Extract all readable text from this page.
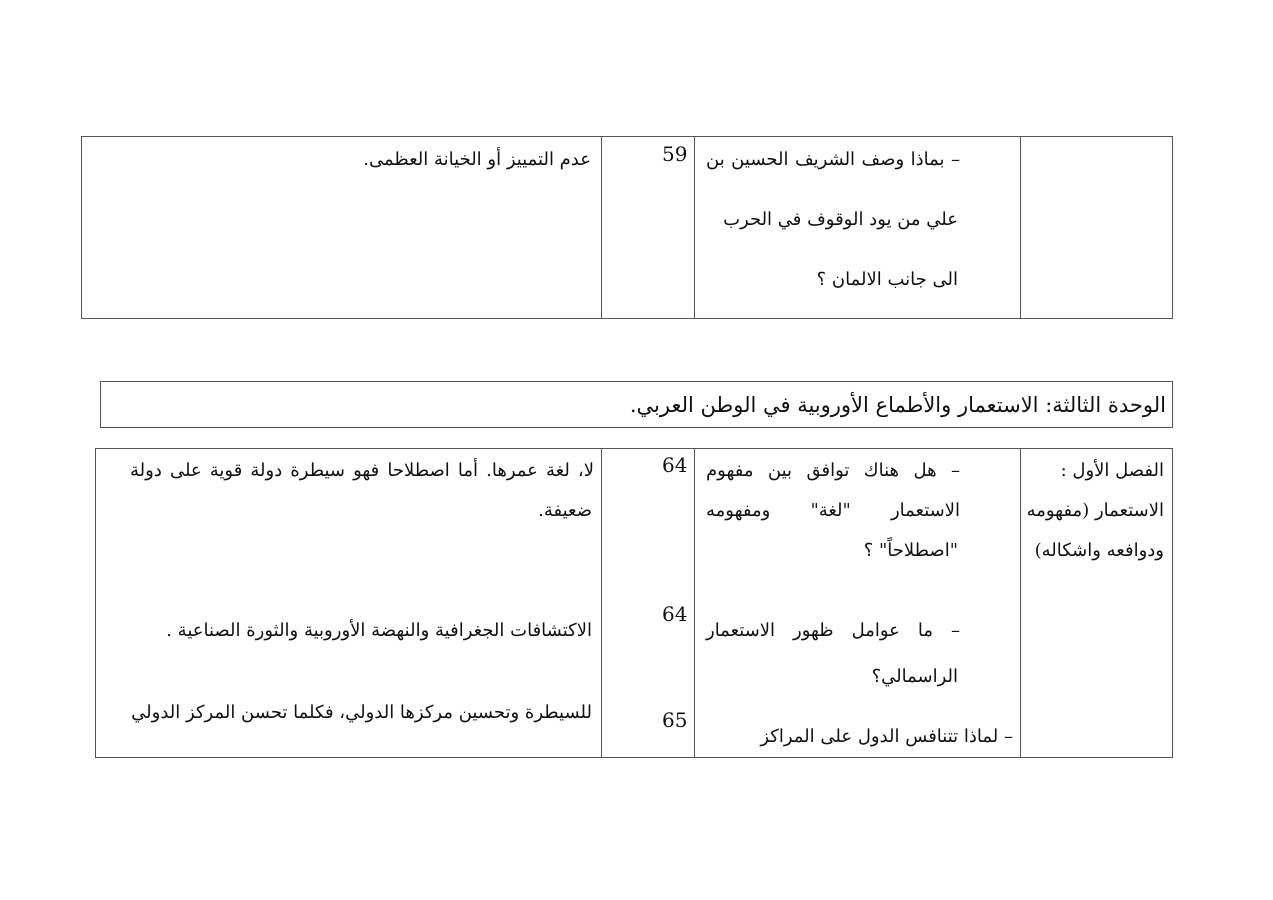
– بماذا وصف الشريف الحسين بن
علي من يود الوقوف في الحرب
الى جانب الالمان ؟
59
عدم التمييز أو الخيانة العظمى.
الوحدة الثالثة: الاستعمار والأطماع الأوروبية في الوطن العربي.
الفصل الأول :
الاستعمار (مفهومه
ودوافعه واشكاله)
– هل هناك توافق بين مفهوم
الاستعمار "لغة" ومفهومه
"اصطلاحاً" ؟
– ما عوامل ظهور الاستعمار
الراسمالي؟
– لماذا تتنافس الدول على المراكز
64
64
65
لا، لغة عمرها. أما اصطلاحا فهو سيطرة دولة قوية على دولة
ضعيفة.
الاكتشافات الجغرافية والنهضة الأوروبية والثورة الصناعية .
للسيطرة وتحسين مركزها الدولي، فكلما تحسن المركز الدولي
